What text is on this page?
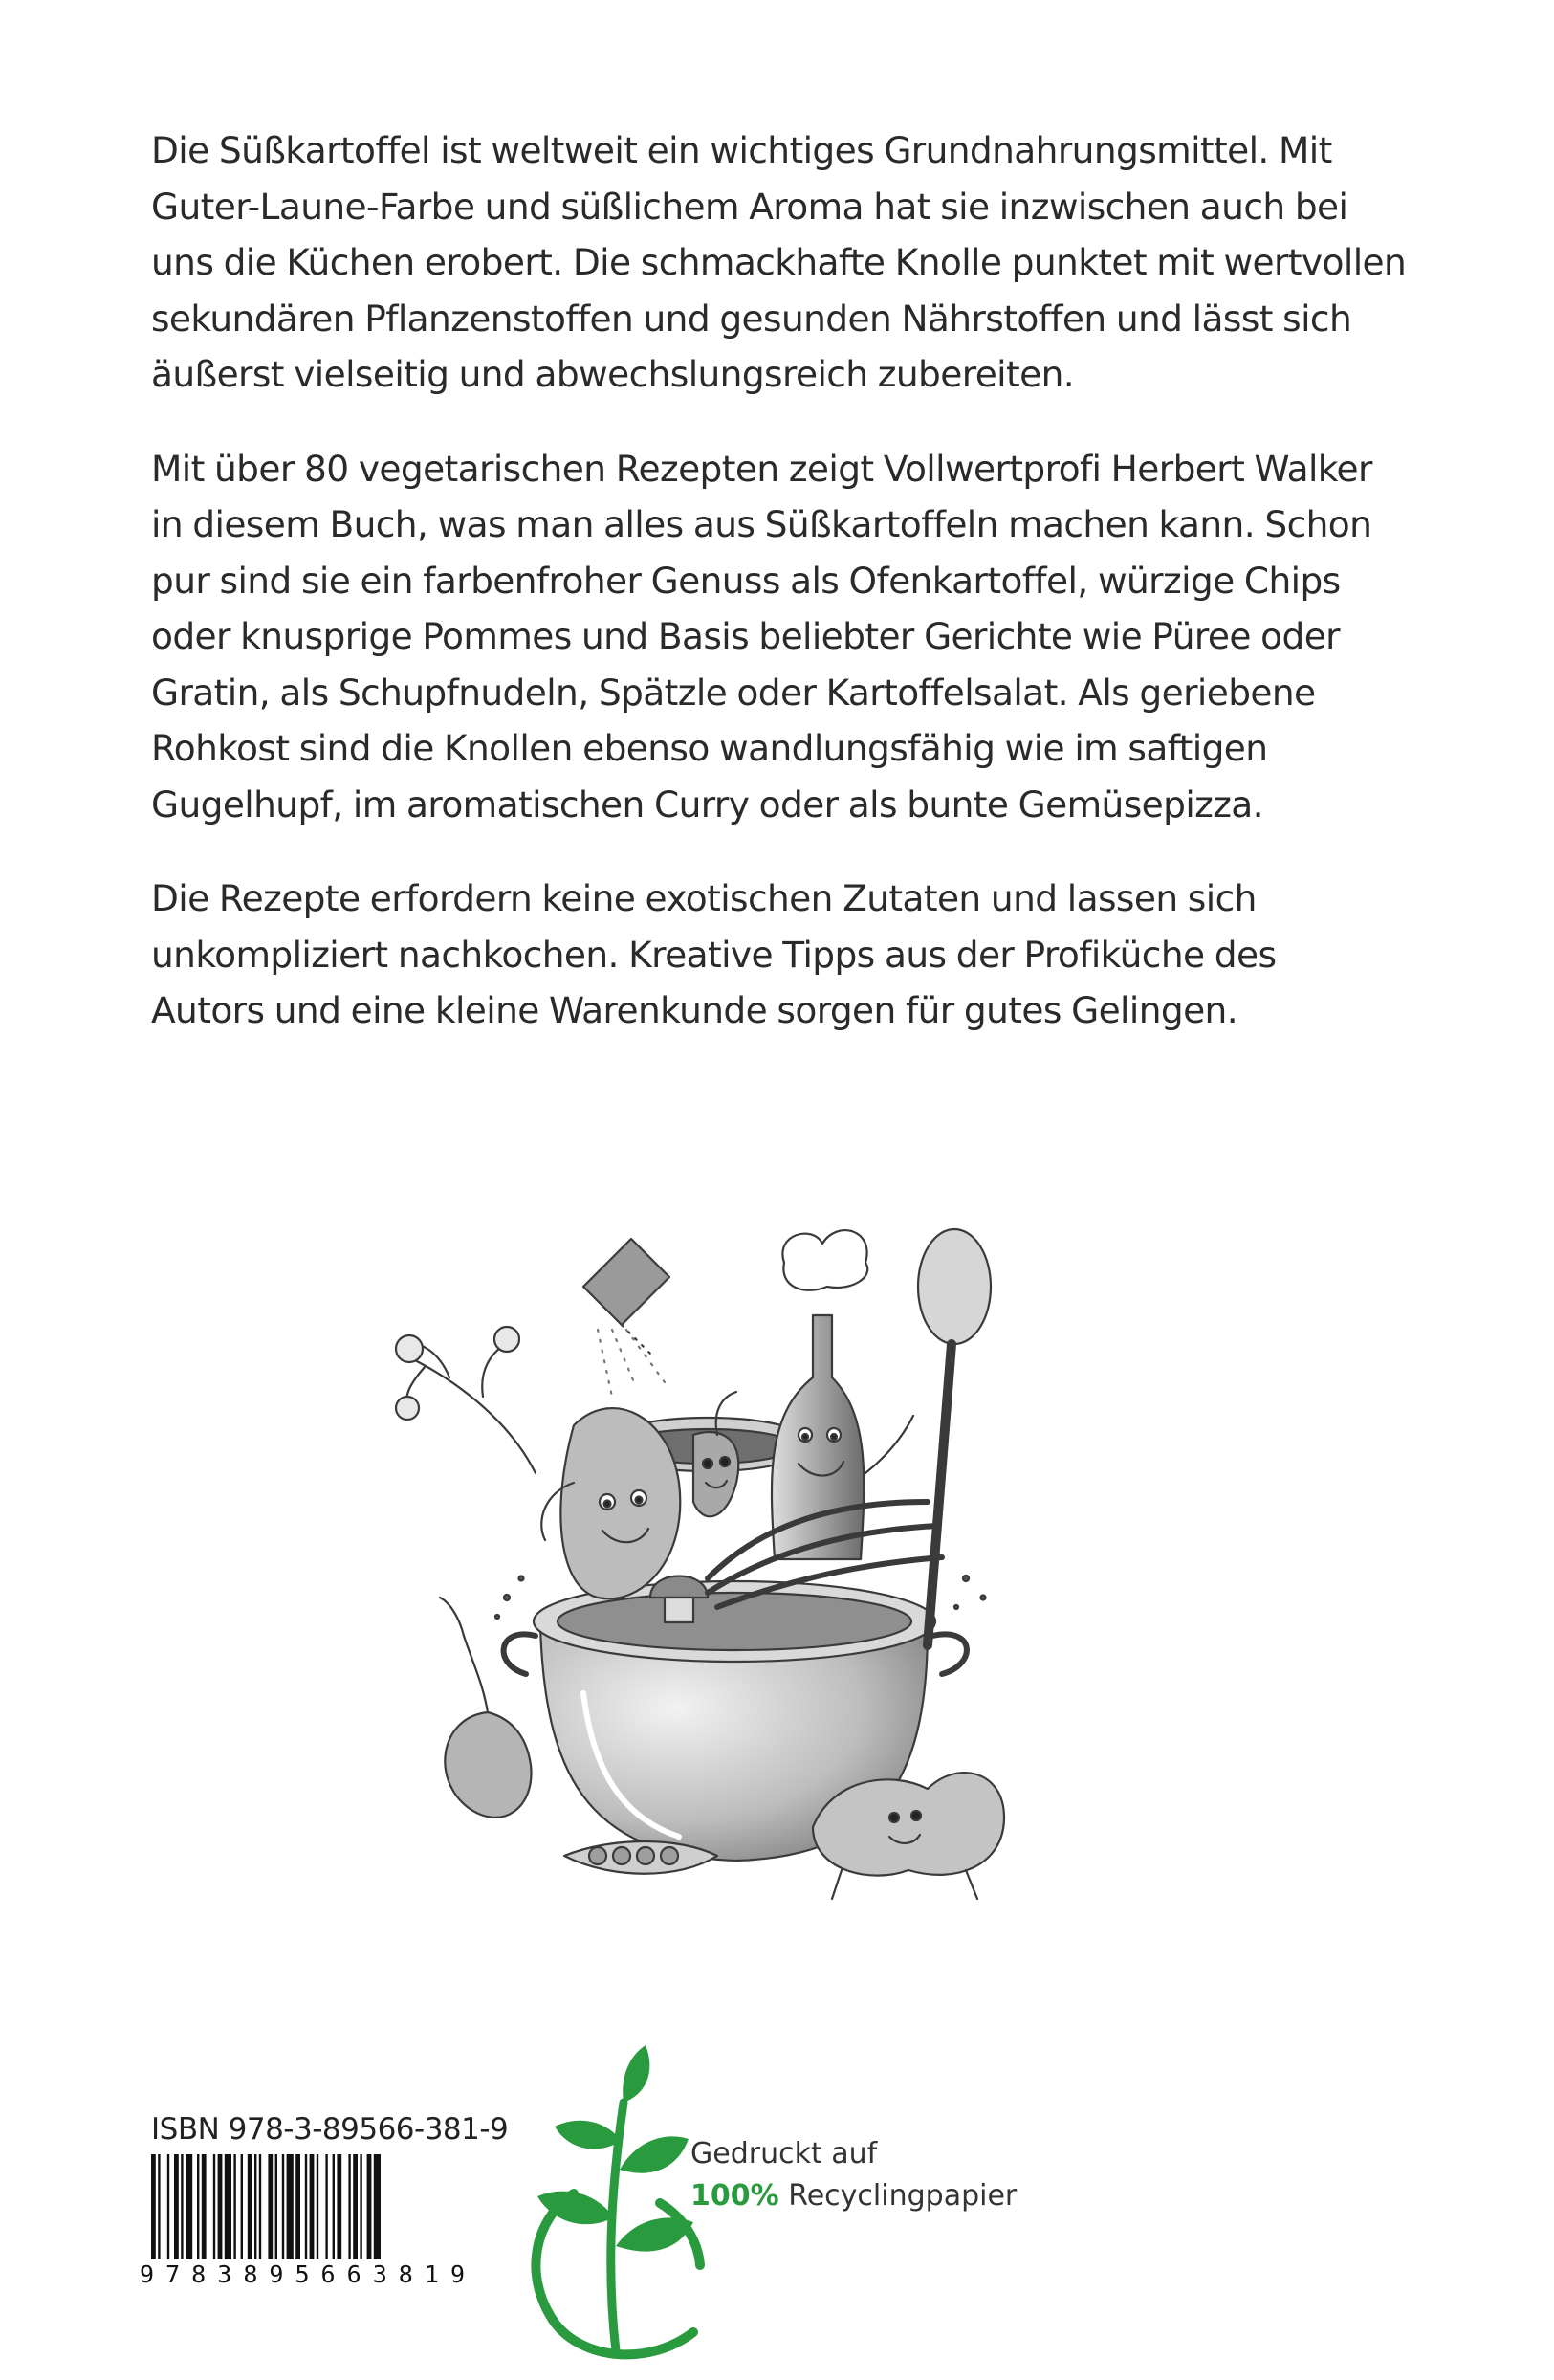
Die Süßkartoffel ist weltweit ein wichtiges Grundnahrungsmittel. Mit
Guter-Laune-Farbe und süßlichem Aroma hat sie inzwischen auch bei
uns die Küchen erobert. Die schmackhafte Knolle punktet mit wertvollen
sekundären Pflanzenstoffen und gesunden Nährstoffen und lässt sich
äußerst vielseitig und abwechslungsreich zubereiten.

Mit über 80 vegetarischen Rezepten zeigt Vollwertprofi Herbert Walker
in diesem Buch, was man alles aus Süßkartoffeln machen kann. Schon
pur sind sie ein farbenfroher Genuss als Ofenkartoffel, würzige Chips
oder knusprige Pommes und Basis beliebter Gerichte wie Püree oder
Gratin, als Schupfnudeln, Spätzle oder Kartoffelsalat. Als geriebene
Rohkost sind die Knollen ebenso wandlungsfähig wie im saftigen
Gugelhupf, im aromatischen Curry oder als bunte Gemüsepizza.

Die Rezepte erfordern keine exotischen Zutaten und lassen sich
unkompliziert nachkochen. Kreative Tipps aus der Profiküche des
Autors und eine kleine Warenkunde sorgen für gutes Gelingen.

ISBN 978-3-89566-381-9
9 7 8 3 8 9 5 6 6 3 8 1 9
Gedruckt auf
100% Recyclingpapier
